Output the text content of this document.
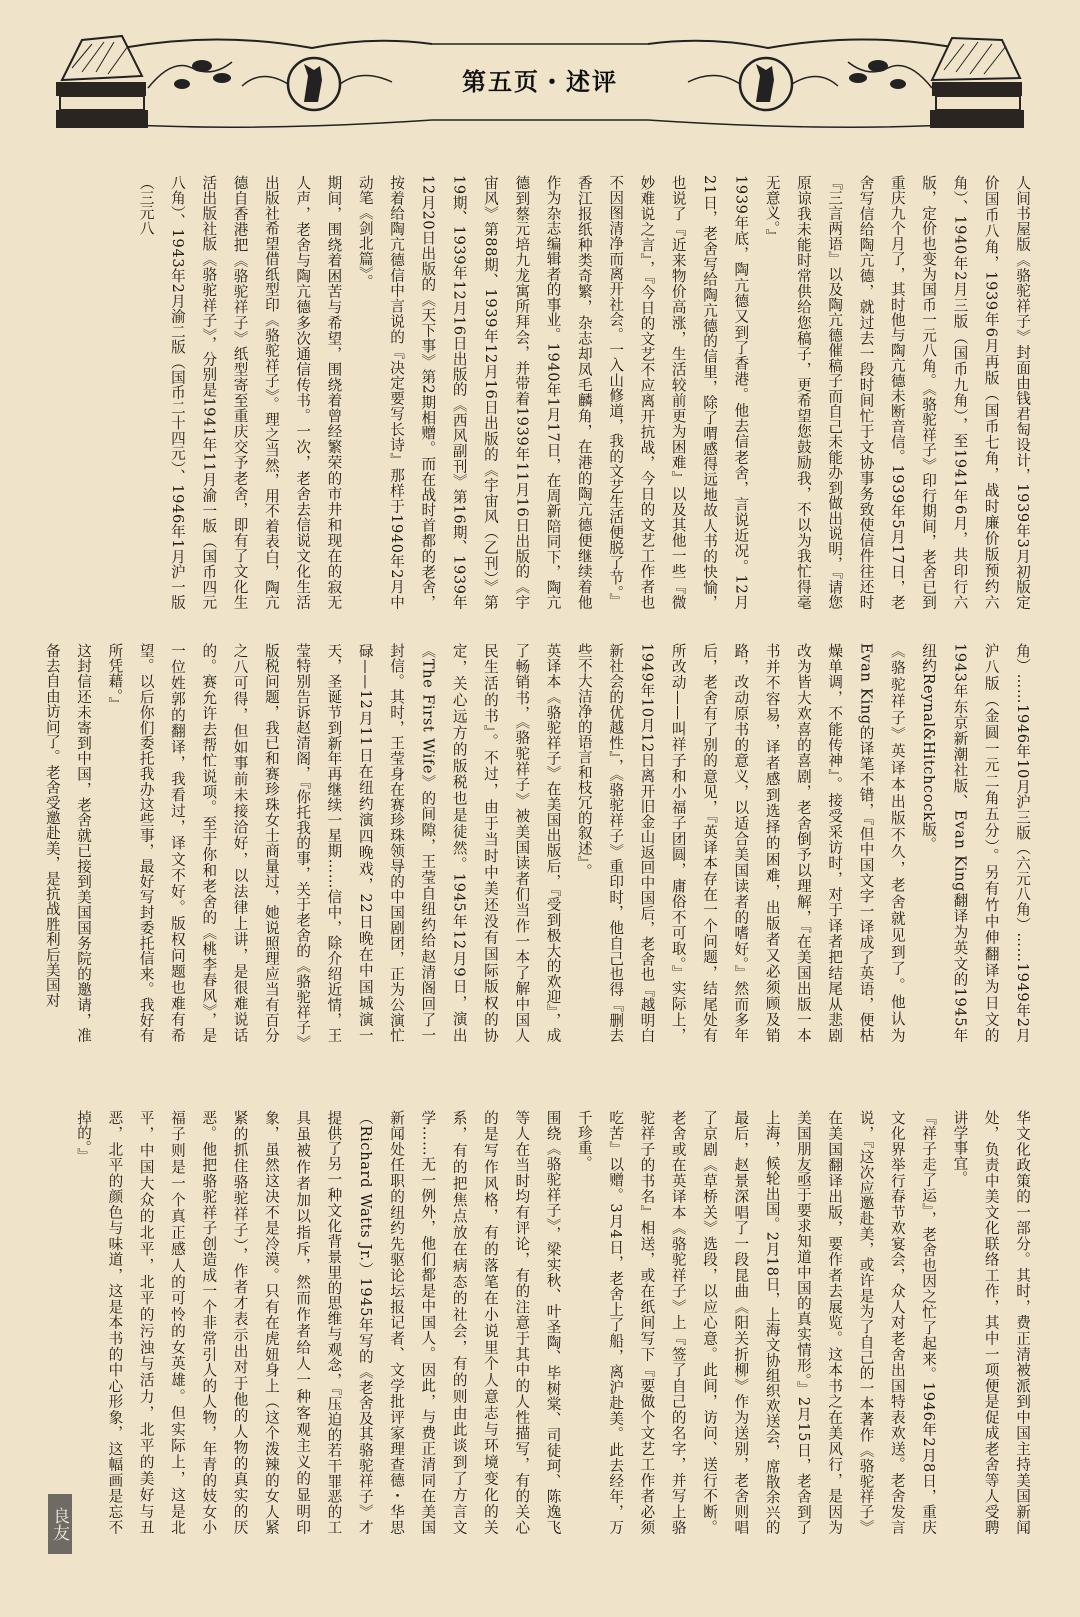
第五页・述评

人间书屋版《骆驼祥子》封面由钱君匋设计，1939年3月初版定价国币八角，1939年6月再版（国币七角，战时廉价版预约六角）、1940年2月三版（国币九角），至1941年6月，共印行六版，定价也变为国币一元八角。《骆驼祥子》印行期间，老舍已到重庆九个月了，其时他与陶亢德未断音信。1939年5月17日，老舍写信给陶亢德，就过去一段时间忙于文协事务致使信件往还时『三言两语』以及陶亢德催稿子而自己未能办到做出说明，『请您原谅我未能时常供给您稿子，更希望您鼓励我，不以为我忙得毫无意义。』

1939年底，陶亢德又到了香港。他去信老舍，言说近况。12月21日，老舍写给陶亢德的信里，除了喟感得远地故人书的快愉，也说了『近来物价高涨，生活较前更为困难』以及其他一些『微妙难说之言』，『今日的文艺不应离开抗战，今日的文艺工作者也不因图清净而离开社会。一入山修道，我的文艺生活便脱了节。』

香江报纸种类奇繁，杂志却凤毛麟角，在港的陶亢德便继续着他作为杂志编辑者的事业。1940年1月17日，在周新陪同下，陶亢德到蔡元培九龙寓所拜会，并带着1939年11月16日出版的《宇宙风》第88期、1939年12月16日出版的《宇宙风（乙刊）》第19期、1939年12月16日出版的《西风副刊》第16期、1939年12月20日出版的《天下事》第2期相赠。而在战时首都的老舍，按着给陶亢德信中言说的『决定要写长诗』那样于1940年2月中动笔《剑北篇》。

期间，围绕着困苦与希望，围绕着曾经繁荣的市井和现在的寂无人声，老舍与陶亢德多次通信传书。一次，老舍去信说文化生活出版社希望借纸型印《骆驼祥子》。理之当然，用不着表白，陶亢德自香港把《骆驼祥子》纸型寄至重庆交予老舍，即有了文化生活出版社版《骆驼祥子》，分别是1941年11月渝一版（国币四元八角）、1943年2月渝二版（国币二十四元）、1946年1月沪一版（三元八

角）……1946年10月沪三版（六元八角）……1949年2月沪八版（金圆一元二角五分）。另有竹中伸翻译为日文的1943年东京新潮社版、Evan King翻译为英文的1945年纽约Reynal&Hitchcock版。

《骆驼祥子》英译本出版不久，老舍就见到了。他认为Evan King的译笔不错，『但中国文字一译成了英语，便枯燥单调，不能传神』。接受采访时，对于译者把结尾从悲剧改为皆大欢喜的喜剧，老舍倒予以理解，『在美国出版一本书并不容易，译者感到选择的困难，出版者又必须顾及销路，改动原书的意义，以适合美国读者的嗜好。』然而多年后，老舍有了别的意见，『英译本存在一个问题，结尾处有所改动——叫祥子和小福子团圆，庸俗不可取。』实际上，1949年10月12日离开旧金山返回中国后，老舍也『越明白新社会的优越性』，《骆驼祥子》重印时，他自己也得『删去些不大洁净的语言和枝冗的叙述』。

英译本《骆驼祥子》在美国出版后，『受到极大的欢迎』，成了畅销书，《骆驼祥子》被美国读者们当作一本了解中国人民生活的书』。不过，由于当时中美还没有国际版权的协定，关心远方的版税也是徒然。1945年12月9日，演出《The First Wife》的间隙，王莹自纽约给赵清阁回了一封信。其时，王莹身在赛珍珠领导的中国剧团，正为公演忙碌——12月11日在纽约演四晚戏，22日晚在中国城演一天，圣诞节到新年再继续一星期……信中，除介绍近情，王莹特别告诉赵清阁，『你托我的事，关于老舍的《骆驼祥子》版税问题，我已和赛珍珠女士商量过，她说照理应当有百分之八可得，但如事前未接洽好，以法律上讲，是很难说话的。赛允许去帮忙说项。至于你和老舍的《桃李春风》，是一位姓郭的翻译，我看过，译文不好。版权问题也难有希望。以后你们委托我办这些事，最好写封委托信来。我好有所凭藉。』

这封信还未寄到中国，老舍就已接到美国国务院的邀请，准备去自由访问了。老舍受邀赴美，是抗战胜利后美国对

华文化政策的一部分。其时，费正清被派到中国主持美国新闻处，负责中美文化联络工作，其中一项便是促成老舍等人受聘讲学事宜。

『祥子走了运』，老舍也因之忙了起来。1946年2月8日，重庆文化界举行春节欢宴会，众人对老舍出国特表欢送。老舍发言说，『这次应邀赴美，或许是为了自己的一本著作《骆驼祥子》在美国翻译出版，要作者去展览。这本书之在美风行，是因为美国朋友亟于要求知道中国的真实情形。』2月15日，老舍到了上海，候轮出国。2月18日，上海文协组织欢送会，席散余兴的最后，赵景深唱了一段昆曲《阳关折柳》作为送别，老舍则唱了京剧《草桥关》选段，以应心意。此间，访问、送行不断。老舍或在英译本《骆驼祥子》上『签了自己的名字，并写上骆驼祥子的书名』相送，或在纸间写下『要做个文艺工作者必须吃苦』以赠。3月4日，老舍上了船，离沪赴美。此去经年，万千珍重。

围绕《骆驼祥子》，梁实秋、叶圣陶、毕树棠、司徒珂、陈逸飞等人在当时均有评论，有的注意于其中的人性描写，有的关心的是写作风格，有的落笔在小说里个人意志与环境变化的关系，有的把焦点放在病态的社会，有的则由此谈到了方言文学……无一例外，他们都是中国人。因此，与费正清同在美国新闻处任职的纽约先驱论坛报记者、文学批评家理查德・华思（Richard Watts Jr.）1945年写的《老舍及其骆驼祥子》才提供了另一种文化背景里的思维与观念，『压迫的若干罪恶的工具虽被作者加以指斥，然而作者给人一种客观主义的显明印象，虽然这决不是冷漠。只有在虎妞身上（这个泼辣的女人紧紧的抓住骆驼祥子），作者才表示出对于他的人物的真实的厌恶。他把骆驼祥子创造成一个非常引人的人物，年青的妓女小福子则是一个真正感人的可怜的女英雄。但实际上，这是北平，中国大众的北平，北平的污浊与活力，北平的美好与丑恶，北平的颜色与味道，这是本书的中心形象，这幅画是忘不掉的。』

良友
